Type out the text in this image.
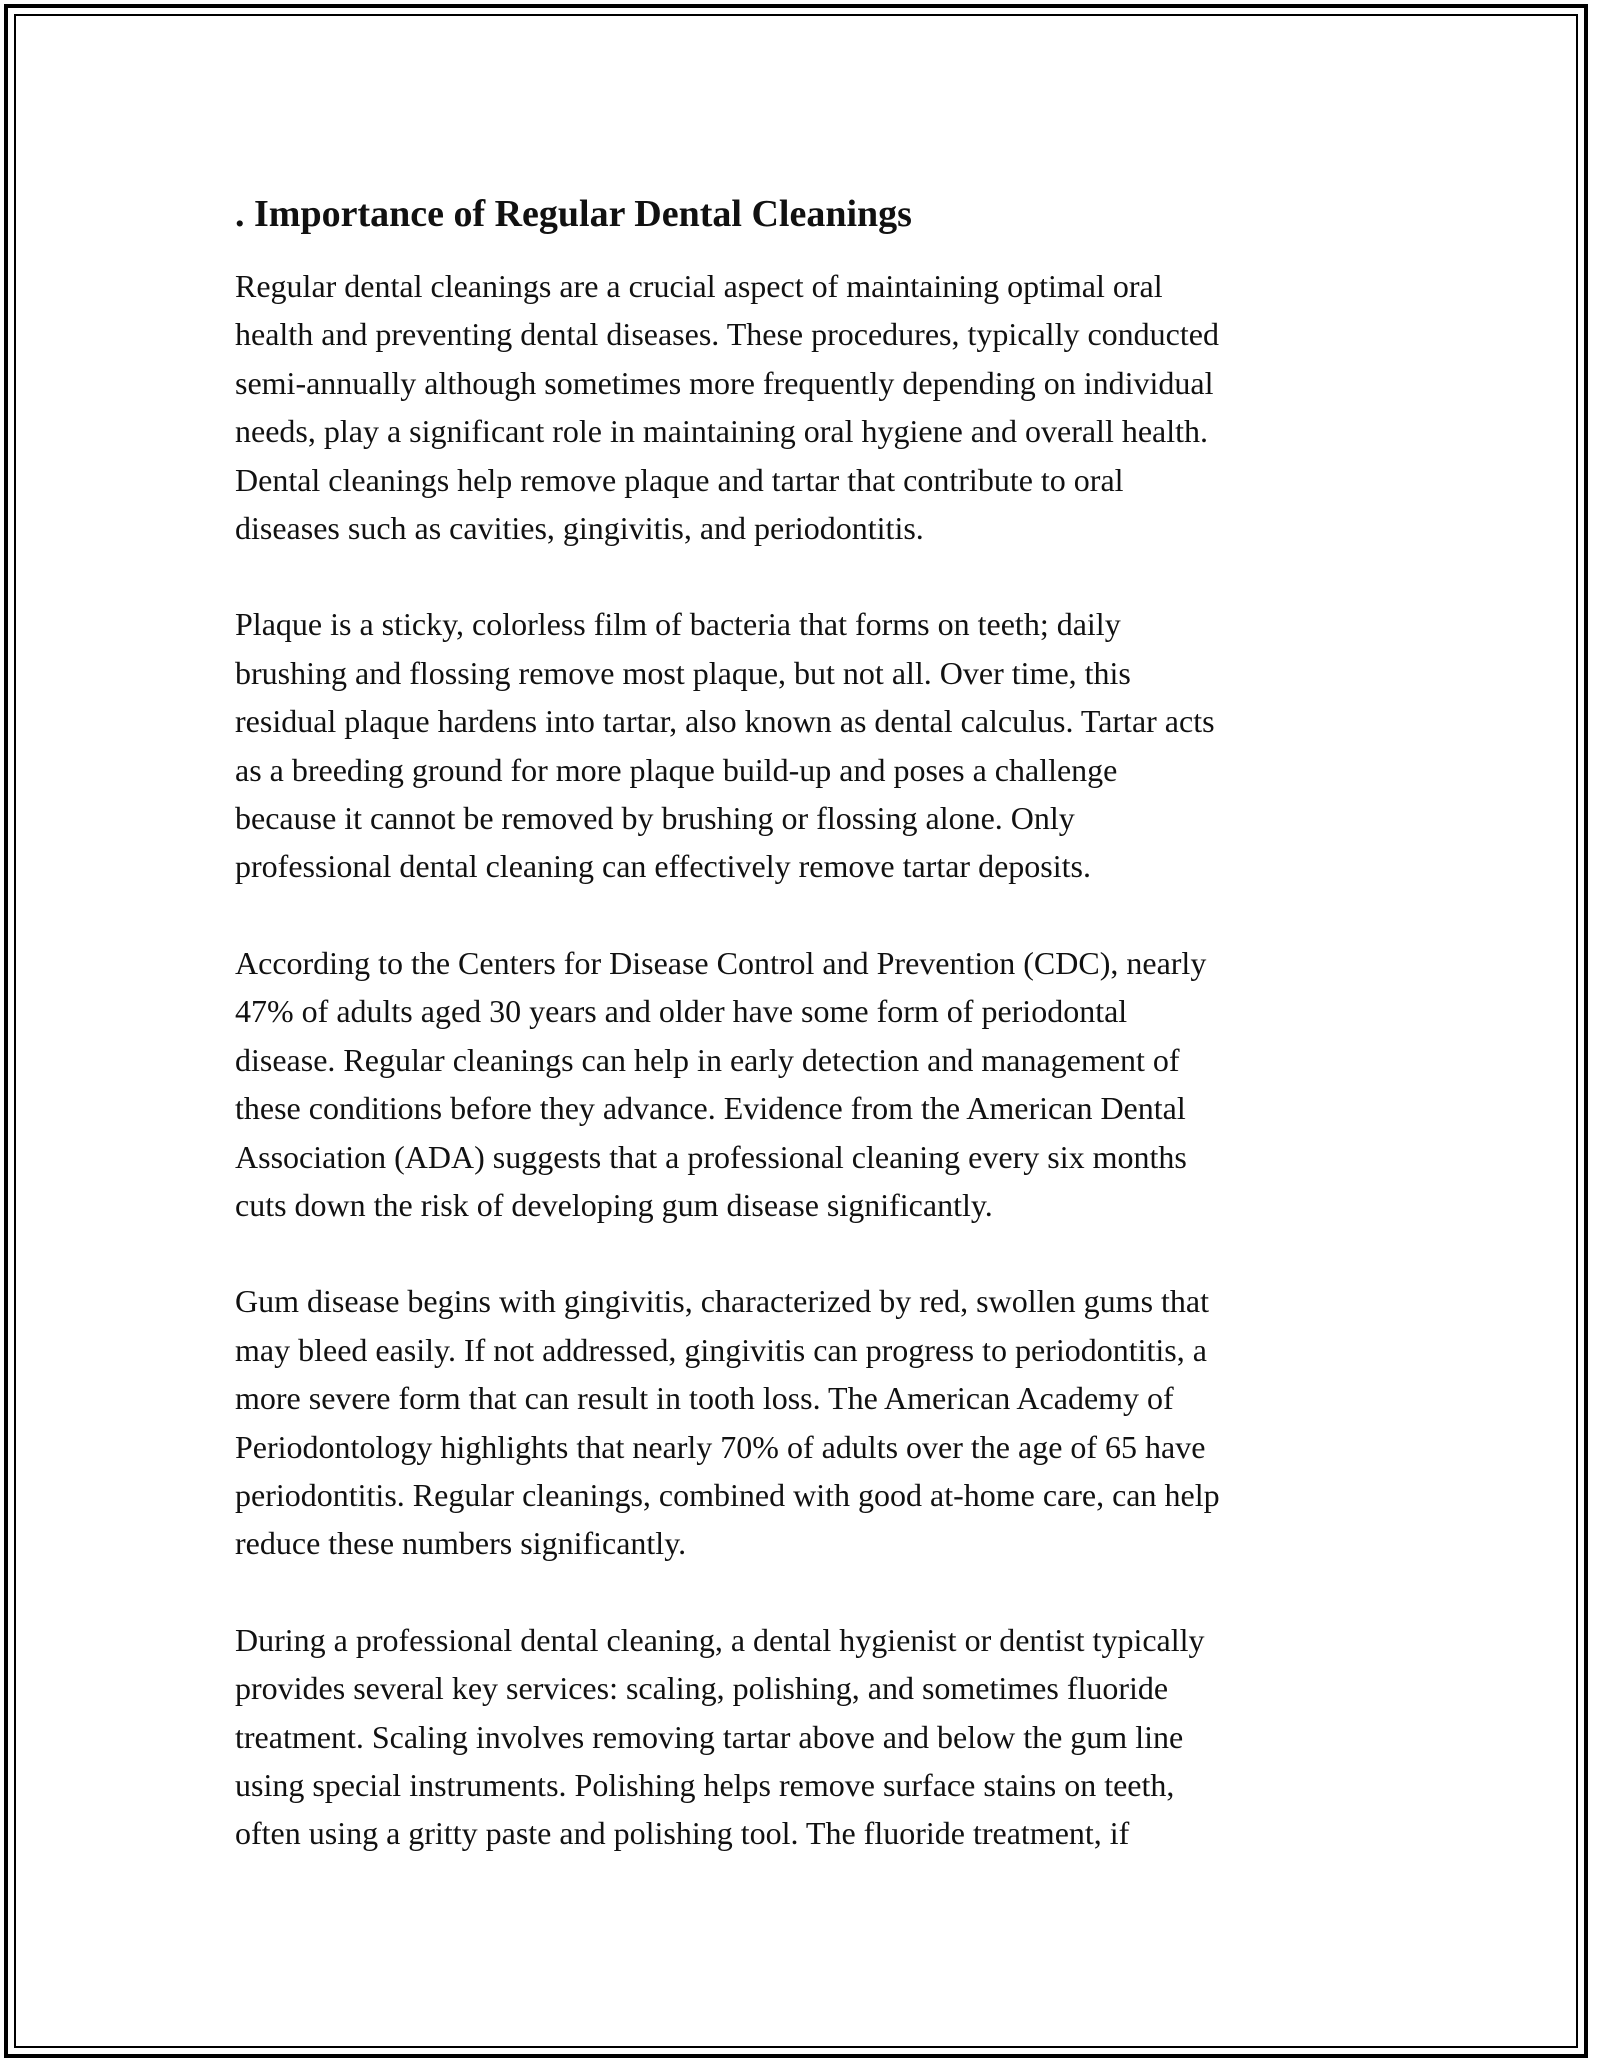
. Importance of Regular Dental Cleanings

Regular dental cleanings are a crucial aspect of maintaining optimal oral
health and preventing dental diseases. These procedures, typically conducted
semi-annually although sometimes more frequently depending on individual
needs, play a significant role in maintaining oral hygiene and overall health.
Dental cleanings help remove plaque and tartar that contribute to oral
diseases such as cavities, gingivitis, and periodontitis.

Plaque is a sticky, colorless film of bacteria that forms on teeth; daily
brushing and flossing remove most plaque, but not all. Over time, this
residual plaque hardens into tartar, also known as dental calculus. Tartar acts
as a breeding ground for more plaque build-up and poses a challenge
because it cannot be removed by brushing or flossing alone. Only
professional dental cleaning can effectively remove tartar deposits.

According to the Centers for Disease Control and Prevention (CDC), nearly
47% of adults aged 30 years and older have some form of periodontal
disease. Regular cleanings can help in early detection and management of
these conditions before they advance. Evidence from the American Dental
Association (ADA) suggests that a professional cleaning every six months
cuts down the risk of developing gum disease significantly.

Gum disease begins with gingivitis, characterized by red, swollen gums that
may bleed easily. If not addressed, gingivitis can progress to periodontitis, a
more severe form that can result in tooth loss. The American Academy of
Periodontology highlights that nearly 70% of adults over the age of 65 have
periodontitis. Regular cleanings, combined with good at-home care, can help
reduce these numbers significantly.

During a professional dental cleaning, a dental hygienist or dentist typically
provides several key services: scaling, polishing, and sometimes fluoride
treatment. Scaling involves removing tartar above and below the gum line
using special instruments. Polishing helps remove surface stains on teeth,
often using a gritty paste and polishing tool. The fluoride treatment, if
